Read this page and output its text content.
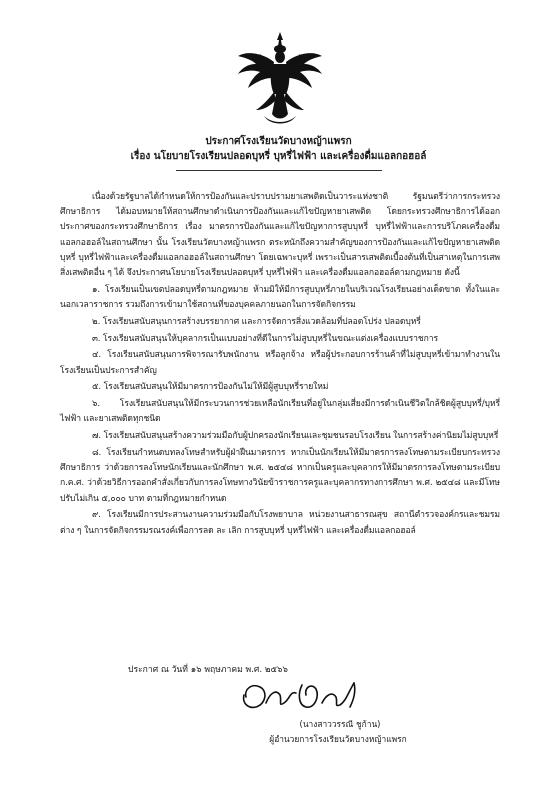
ประกาศโรงเรียนวัดบางหญ้าแพรก
เรื่อง นโยบายโรงเรียนปลอดบุหรี่ บุหรี่ไฟฟ้า และเครื่องดื่มแอลกอฮอล์

เนื่องด้วยรัฐบาลได้กำหนดให้การป้องกันและปราบปรามยาเสพติดเป็นวาระแห่งชาติ รัฐมนตรีว่าการกระทรวงศึกษาธิการ ได้มอบหมายให้สถานศึกษาดำเนินการป้องกันและแก้ไขปัญหายาเสพติด โดยกระทรวงศึกษาธิการได้ออกประกาศของกระทรวงศึกษาธิการ เรื่อง มาตรการป้องกันและแก้ไขปัญหาการสูบบุหรี่ บุหรี่ไฟฟ้าและการบริโภคเครื่องดื่มแอลกอฮอล์ในสถานศึกษา นั้น โรงเรียนวัดบางหญ้าแพรก ตระหนักถึงความสำคัญของการป้องกันและแก้ไขปัญหายาเสพติด บุหรี่ บุหรี่ไฟฟ้าและเครื่องดื่มแอลกอฮอล์ในสถานศึกษา โดยเฉพาะบุหรี่ เพราะเป็นสารเสพติดเบื้องต้นที่เป็นสาเหตุในการเสพสิ่งเสพติดอื่น ๆ ได้ จึงประกาศนโยบายโรงเรียนปลอดบุหรี่ บุหรี่ไฟฟ้า และเครื่องดื่มแอลกอฮอล์ตามกฎหมาย ดังนี้

๑. โรงเรียนเป็นเขตปลอดบุหรี่ตามกฎหมาย ห้ามมิให้มีการสูบบุหรี่ภายในบริเวณโรงเรียนอย่างเด็ดขาด ทั้งในและนอกเวลาราชการ รวมถึงการเข้ามาใช้สถานที่ของบุคคลภายนอกในการจัดกิจกรรม

๒. โรงเรียนสนับสนุนการสร้างบรรยากาศ และการจัดการสิ่งแวดล้อมที่ปลอดโปร่ง ปลอดบุหรี่

๓. โรงเรียนสนับสนุนให้บุคลากรเป็นแบบอย่างที่ดีในการไม่สูบบุหรี่ในขณะแต่งเครื่องแบบราชการ

๔. โรงเรียนสนับสนุนการพิจารณารับพนักงาน หรือลูกจ้าง หรือผู้ประกอบการร้านค้าที่ไม่สูบบุหรี่เข้ามาทำงานในโรงเรียนเป็นประการสำคัญ

๕. โรงเรียนสนับสนุนให้มีมาตรการป้องกันไม่ให้มีผู้สูบบุหรี่รายใหม่

๖. โรงเรียนสนับสนุนให้มีกระบวนการช่วยเหลือนักเรียนที่อยู่ในกลุ่มเสี่ยงมีการดำเนินชีวิตใกล้ชิดผู้สูบบุหรี่/บุหรี่ไฟฟ้า และยาเสพติดทุกชนิด

๗. โรงเรียนสนับสนุนสร้างความร่วมมือกับผู้ปกครองนักเรียนและชุมชนรอบโรงเรียน ในการสร้างค่านิยมไม่สูบบุหรี่

๘. โรงเรียนกำหนดบทลงโทษสำหรับผู้ฝ่าฝืนมาตรการ หากเป็นนักเรียนให้มีมาตรการลงโทษตามระเบียบกระทรวงศึกษาธิการ ว่าด้วยการลงโทษนักเรียนและนักศึกษา พ.ศ. ๒๕๔๘ หากเป็นครูและบุคลากรให้มีมาตรการลงโทษตามระเบียบ ก.ค.ศ. ว่าด้วยวิธีการออกคำสั่งเกี่ยวกับการลงโทษทางวินัยข้าราชการครูและบุคลากรทางการศึกษา พ.ศ. ๒๕๔๘ และมีโทษปรับไม่เกิน ๕,๐๐๐ บาท ตามที่กฎหมายกำหนด

๙. โรงเรียนมีการประสานงานความร่วมมือกับโรงพยาบาล หน่วยงานสาธารณสุข สถานีตำรวจองค์กรและชมรมต่าง ๆ ในการจัดกิจกรรมรณรงค์เพื่อการลด ละ เลิก การสูบบุหรี่ บุหรี่ไฟฟ้า และเครื่องดื่มแอลกอฮอล์

ประกาศ ณ วันที่ ๑๖ พฤษภาคม พ.ศ. ๒๕๖๖
(นางสาววรรณี ชูก้าน)
ผู้อำนวยการโรงเรียนวัดบางหญ้าแพรก
